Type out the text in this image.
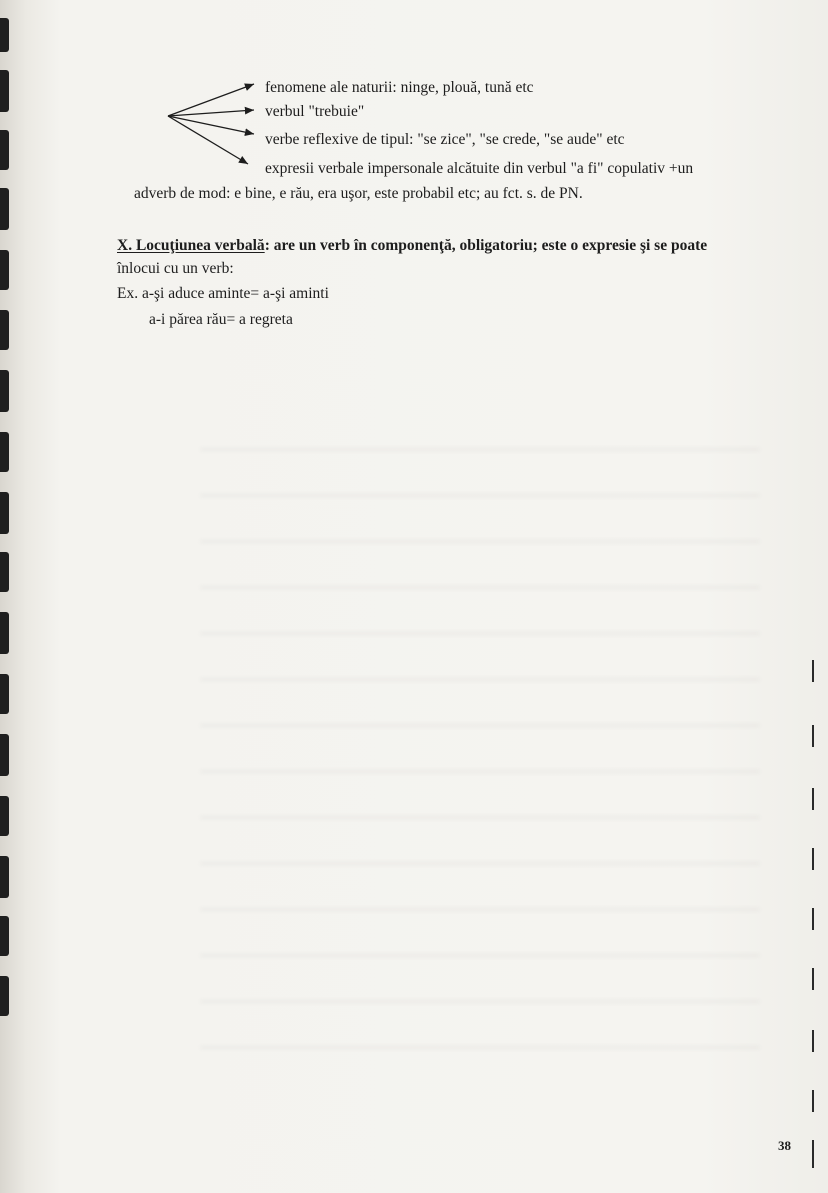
fenomene ale naturii: ninge, plouă, tună etc
verbul "trebuie"
verbe reflexive de tipul: "se zice", "se crede, "se aude" etc
expresii verbale impersonale alcătuite din verbul "a fi" copulativ +un
adverb de mod: e bine, e rău, era uşor, este probabil etc; au fct. s. de PN.
X. Locuţiunea verbală: are un verb în componenţă, obligatoriu; este o expresie şi se poate
înlocui cu un verb:
Ex. a-şi aduce aminte= a-şi aminti
a-i părea rău= a regreta
38
